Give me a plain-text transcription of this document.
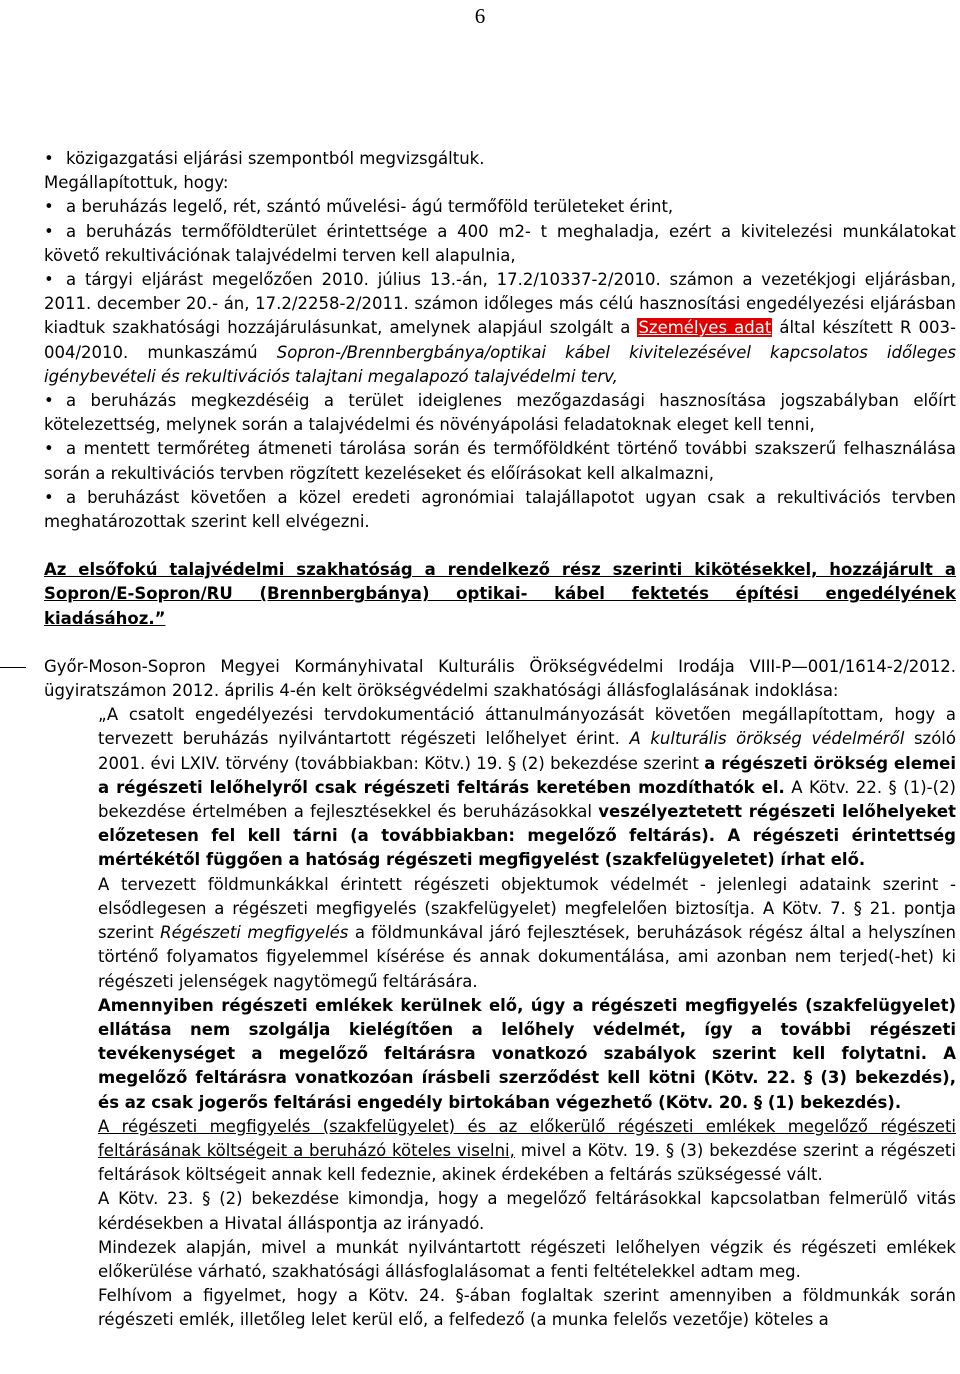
6

• közigazgatási eljárási szempontból megvizsgáltuk.

Megállapítottuk, hogy:

• a beruházás legelő, rét, szántó művelési- ágú termőföld területeket érint,

• a beruházás termőföldterület érintettsége a 400 m2- t meghaladja, ezért a kivitelezési munkálatokat követő rekultivációnak talajvédelmi terven kell alapulnia,

• a tárgyi eljárást megelőzően 2010. július 13.-án, 17.2/10337-2/2010. számon a vezetékjogi eljárásban, 2011. december 20.- án, 17.2/2258-2/2011. számon időleges más célú hasznosítási engedélyezési eljárásban kiadtuk szakhatósági hozzájárulásunkat, amelynek alapjául szolgált a Személyes adat által készített R 003-004/2010. munkaszámú Sopron-/Brennbergbánya/optikai kábel kivitelezésével kapcsolatos időleges igénybevételi és rekultivációs talajtani megalapozó talajvédelmi terv,

• a beruházás megkezdéséig a terület ideiglenes mezőgazdasági hasznosítása jogszabályban előírt kötelezettség, melynek során a talajvédelmi és növényápolási feladatoknak eleget kell tenni,

• a mentett termőréteg átmeneti tárolása során és termőföldként történő további szakszerű felhasználása során a rekultivációs tervben rögzített kezeléseket és előírásokat kell alkalmazni,

• a beruházást követően a közel eredeti agronómiai talajállapotot ugyan csak a rekultivációs tervben meghatározottak szerint kell elvégezni.

Az elsőfokú talajvédelmi szakhatóság a rendelkező rész szerinti kikötésekkel, hozzájárult a Sopron/E-Sopron/RU (Brennbergbánya) optikai- kábel fektetés építési engedélyének kiadásához.”

Győr-Moson-Sopron Megyei Kormányhivatal Kulturális Örökségvédelmi Irodája VIII-P—001/1614-2/2012. ügyiratszámon 2012. április 4-én kelt örökségvédelmi szakhatósági állásfoglalásának indoklása:

„A csatolt engedélyezési tervdokumentáció áttanulmányozását követően megállapítottam, hogy a tervezett beruházás nyilvántartott régészeti lelőhelyet érint. A kulturális örökség védelméről szóló 2001. évi LXIV. törvény (továbbiakban: Kötv.) 19. § (2) bekezdése szerint a régészeti örökség elemei a régészeti lelőhelyről csak régészeti feltárás keretében mozdíthatók el. A Kötv. 22. § (1)-(2) bekezdése értelmében a fejlesztésekkel és beruházásokkal veszélyeztetett régészeti lelőhelyeket előzetesen fel kell tárni (a továbbiakban: megelőző feltárás). A régészeti érintettség mértékétől függően a hatóság régészeti megfigyelést (szakfelügyeletet) írhat elő.

A tervezett földmunkákkal érintett régészeti objektumok védelmét - jelenlegi adataink szerint - elsődlegesen a régészeti megfigyelés (szakfelügyelet) megfelelően biztosítja. A Kötv. 7. § 21. pontja szerint Régészeti megfigyelés a földmunkával járó fejlesztések, beruházások régész által a helyszínen történő folyamatos figyelemmel kísérése és annak dokumentálása, ami azonban nem terjed(-het) ki régészeti jelenségek nagytömegű feltárására.

Amennyiben régészeti emlékek kerülnek elő, úgy a régészeti megfigyelés (szakfelügyelet) ellátása nem szolgálja kielégítően a lelőhely védelmét, így a további régészeti tevékenységet a megelőző feltárásra vonatkozó szabályok szerint kell folytatni. A megelőző feltárásra vonatkozóan írásbeli szerződést kell kötni (Kötv. 22. § (3) bekezdés), és az csak jogerős feltárási engedély birtokában végezhető (Kötv. 20. § (1) bekezdés).

A régészeti megfigyelés (szakfelügyelet) és az előkerülő régészeti emlékek megelőző régészeti feltárásának költségeit a beruházó köteles viselni, mivel a Kötv. 19. § (3) bekezdése szerint a régészeti feltárások költségeit annak kell fedeznie, akinek érdekében a feltárás szükségessé vált.

A Kötv. 23. § (2) bekezdése kimondja, hogy a megelőző feltárásokkal kapcsolatban felmerülő vitás kérdésekben a Hivatal álláspontja az irányadó.

Mindezek alapján, mivel a munkát nyilvántartott régészeti lelőhelyen végzik és régészeti emlékek előkerülése várható, szakhatósági állásfoglalásomat a fenti feltételekkel adtam meg.

Felhívom a figyelmet, hogy a Kötv. 24. §-ában foglaltak szerint amennyiben a földmunkák során régészeti emlék, illetőleg lelet kerül elő, a felfedező (a munka felelős vezetője) köteles a
